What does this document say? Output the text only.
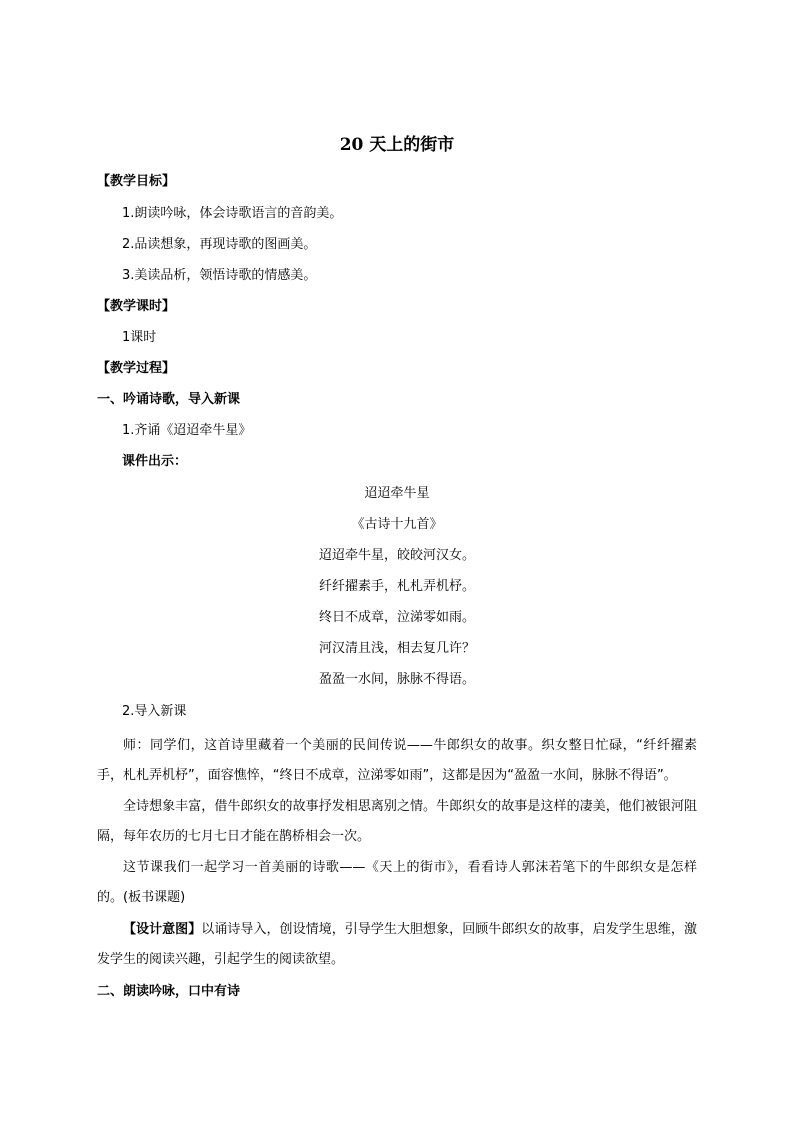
20 天上的街市
【教学目标】
1.朗读吟咏，体会诗歌语言的音韵美。
2.品读想象，再现诗歌的图画美。
3.美读品析，领悟诗歌的情感美。
【教学课时】
1课时
【教学过程】
一、吟诵诗歌，导入新课
1.齐诵《迢迢牵牛星》
课件出示：
迢迢牵牛星
《古诗十九首》
迢迢牵牛星，皎皎河汉女。
纤纤擢素手，札札弄机杼。
终日不成章，泣涕零如雨。
河汉清且浅，相去复几许？
盈盈一水间，脉脉不得语。
2.导入新课
师：同学们，这首诗里藏着一个美丽的民间传说——牛郎织女的故事。织女整日忙碌，“纤纤擢素手，札札弄机杼”，面容憔悴，“终日不成章，泣涕零如雨”，这都是因为“盈盈一水间，脉脉不得语”。
全诗想象丰富，借牛郎织女的故事抒发相思离别之情。牛郎织女的故事是这样的凄美，他们被银河阻隔，每年农历的七月七日才能在鹊桥相会一次。
这节课我们一起学习一首美丽的诗歌——《天上的街市》，看看诗人郭沫若笔下的牛郎织女是怎样的。(板书课题)
【设计意图】以诵诗导入，创设情境，引导学生大胆想象，回顾牛郎织女的故事，启发学生思维，激发学生的阅读兴趣，引起学生的阅读欲望。
二、朗读吟咏，口中有诗
